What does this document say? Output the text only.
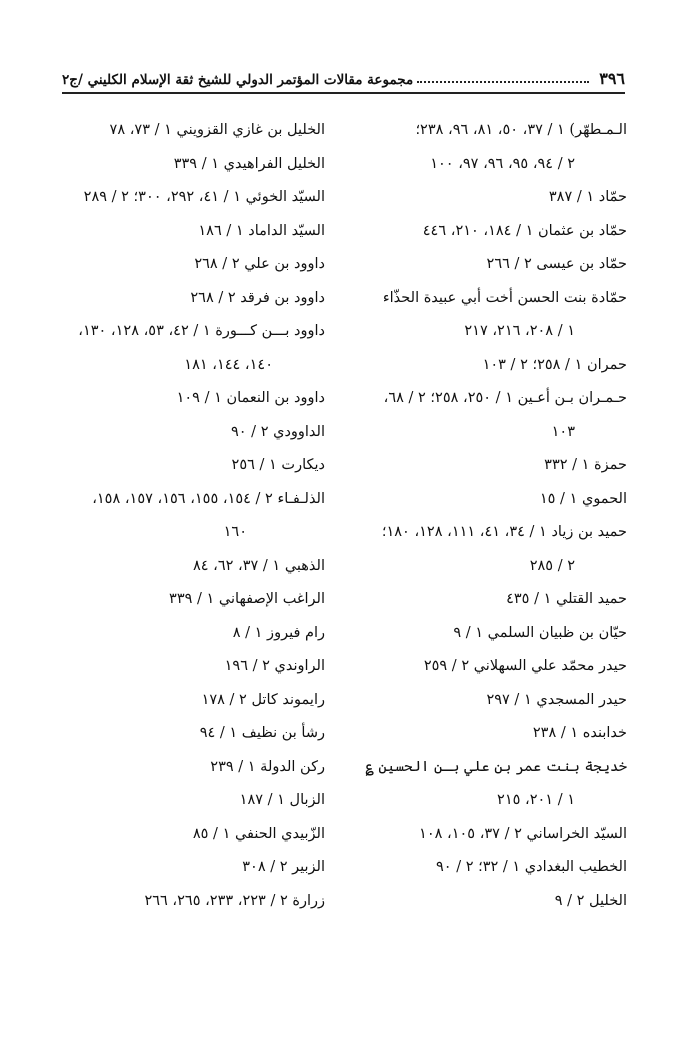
٣٩٦
مجموعة مقالات المؤتمر الدولي للشيخ ثقة الإسلام الكليني /ج٢
الـمـطهّر) ١ / ٣٧، ٥٠، ٨١، ٩٦، ٢٣٨؛
٢ / ٩٤، ٩٥، ٩٦، ٩٧، ١٠٠
حمّاد ١ / ٣٨٧
حمّاد بن عثمان ١ / ١٨٤، ٢١٠، ٤٤٦
حمّاد بن عيسى ٢ / ٢٦٦
حمّادة بنت الحسن أخت أبي عبيدة الحذّاء
١ / ٢٠٨، ٢١٦، ٢١٧
حمران ١ / ٢٥٨؛ ٢ / ١٠٣
حـمـران بـن أعـين ١ / ٢٥٠، ٢٥٨؛ ٢ / ٦٨،
١٠٣
حمزة ١ / ٣٣٢
الحموي ١ / ١٥
حميد بن زياد ١ / ٣٤، ٤١، ١١١، ١٢٨، ١٨٠؛
٢ / ٢٨٥
حميد القتلي ١ / ٤٣٥
حيّان بن ظبيان السلمي ١ / ٩
حيدر محمّد علي السهلاني ٢ / ٢٥٩
حيدر المسجدي ١ / ٢٩٧
خدابنده ١ / ٢٣٨
خديجة بنت عمر بن علي بـن الحسين ؏
١ / ٢٠١، ٢١٥
السيّد الخراساني ٢ / ٣٧، ١٠٥، ١٠٨
الخطيب البغدادي ١ / ٣٢؛ ٢ / ٩٠
الخليل ٢ / ٩
الخليل بن غازي القزويني ١ / ٧٣، ٧٨
الخليل الفراهيدي ١ / ٣٣٩
السيّد الخوئي ١ / ٤١، ٢٩٢، ٣٠٠؛ ٢ / ٢٨٩
السيّد الداماد ١ / ١٨٦
داوود بن علي ٢ / ٢٦٨
داوود بن فرقد ٢ / ٢٦٨
داوود بـــن كـــورة ١ / ٤٢، ٥٣، ١٢٨، ١٣٠،
١٤٠، ١٤٤، ١٨١
داوود بن النعمان ١ / ١٠٩
الداوودي ٢ / ٩٠
ديكارت ١ / ٢٥٦
الذلـفـاء ٢ / ١٥٤، ١٥٥، ١٥٦، ١٥٧، ١٥٨،
١٦٠
الذهبي ١ / ٣٧، ٦٢، ٨٤
الراغب الإصفهاني ١ / ٣٣٩
رام فيروز ١ / ٨
الراوندي ٢ / ١٩٦
رايموند كاتل ٢ / ١٧٨
رشأ بن نظيف ١ / ٩٤
ركن الدولة ١ / ٢٣٩
الزبال ١ / ١٨٧
الزّبيدي الحنفي ١ / ٨٥
الزبير ٢ / ٣٠٨
زرارة ٢ / ٢٢٣، ٢٣٣، ٢٦٥، ٢٦٦
